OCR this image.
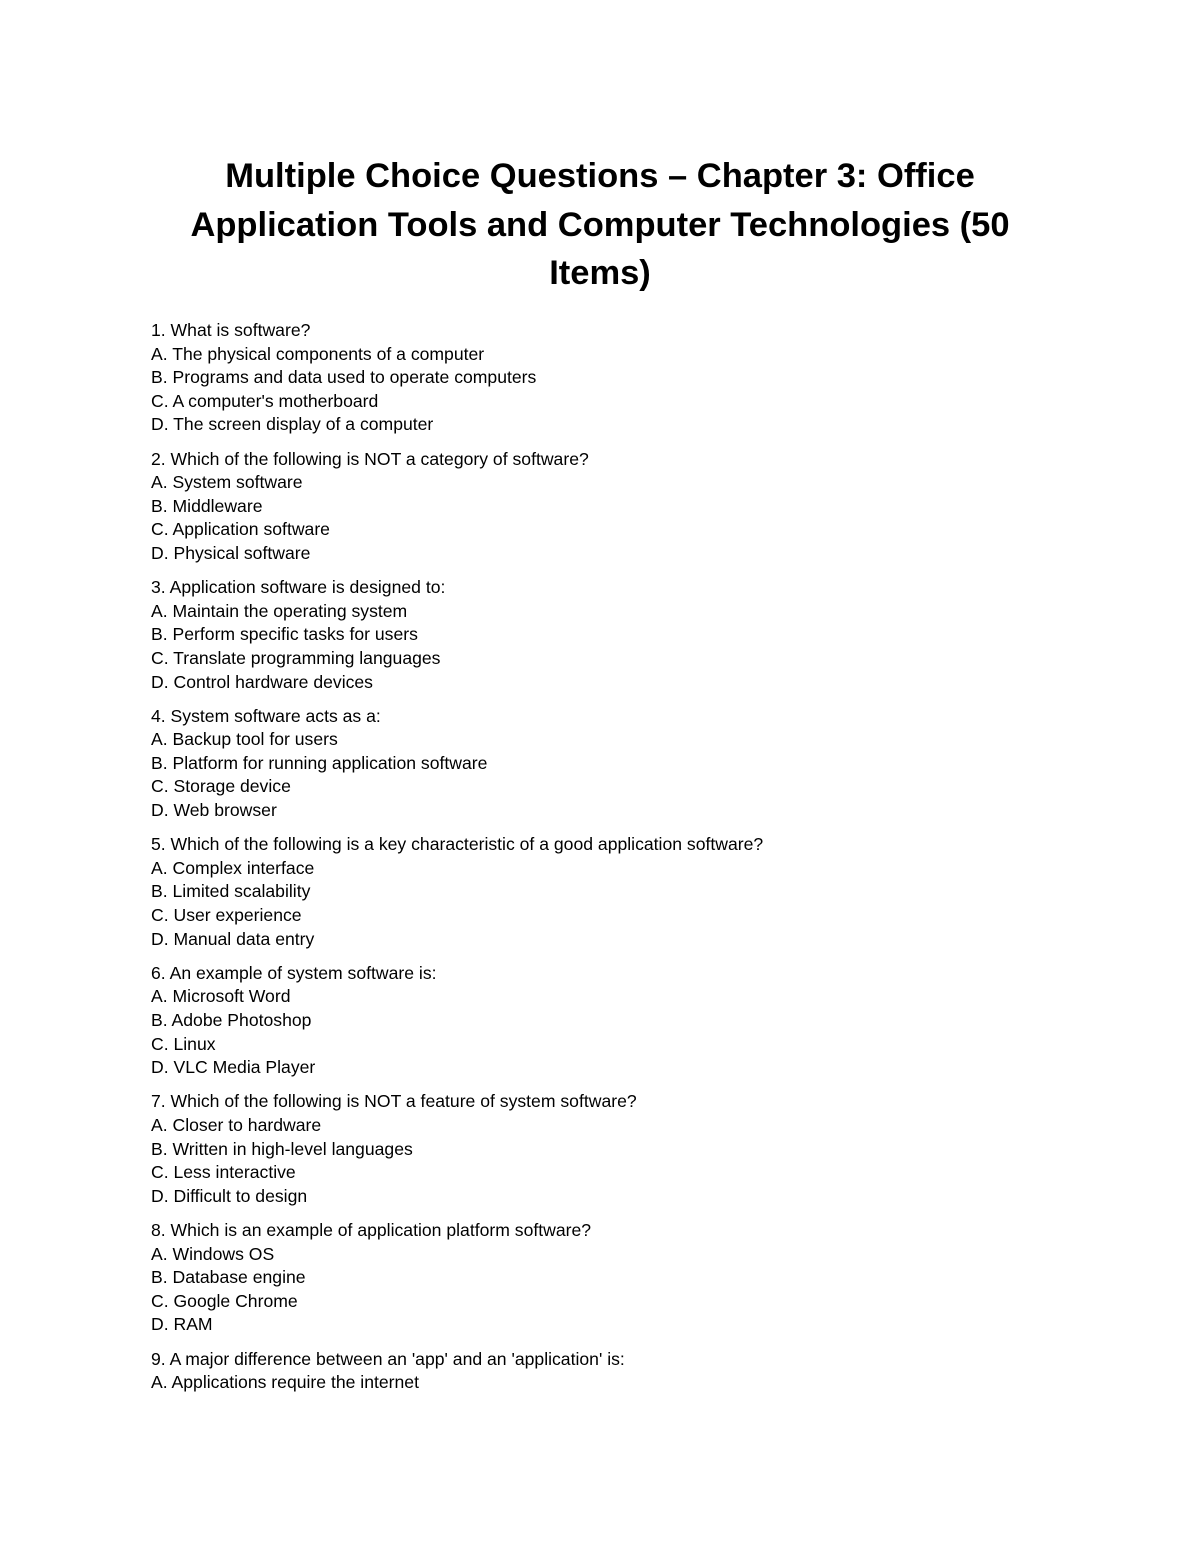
Multiple Choice Questions – Chapter 3: Office Application Tools and Computer Technologies (50 Items)
1. What is software?
A. The physical components of a computer
B. Programs and data used to operate computers
C. A computer's motherboard
D. The screen display of a computer
2. Which of the following is NOT a category of software?
A. System software
B. Middleware
C. Application software
D. Physical software
3. Application software is designed to:
A. Maintain the operating system
B. Perform specific tasks for users
C. Translate programming languages
D. Control hardware devices
4. System software acts as a:
A. Backup tool for users
B. Platform for running application software
C. Storage device
D. Web browser
5. Which of the following is a key characteristic of a good application software?
A. Complex interface
B. Limited scalability
C. User experience
D. Manual data entry
6. An example of system software is:
A. Microsoft Word
B. Adobe Photoshop
C. Linux
D. VLC Media Player
7. Which of the following is NOT a feature of system software?
A. Closer to hardware
B. Written in high-level languages
C. Less interactive
D. Difficult to design
8. Which is an example of application platform software?
A. Windows OS
B. Database engine
C. Google Chrome
D. RAM
9. A major difference between an 'app' and an 'application' is:
A. Applications require the internet
